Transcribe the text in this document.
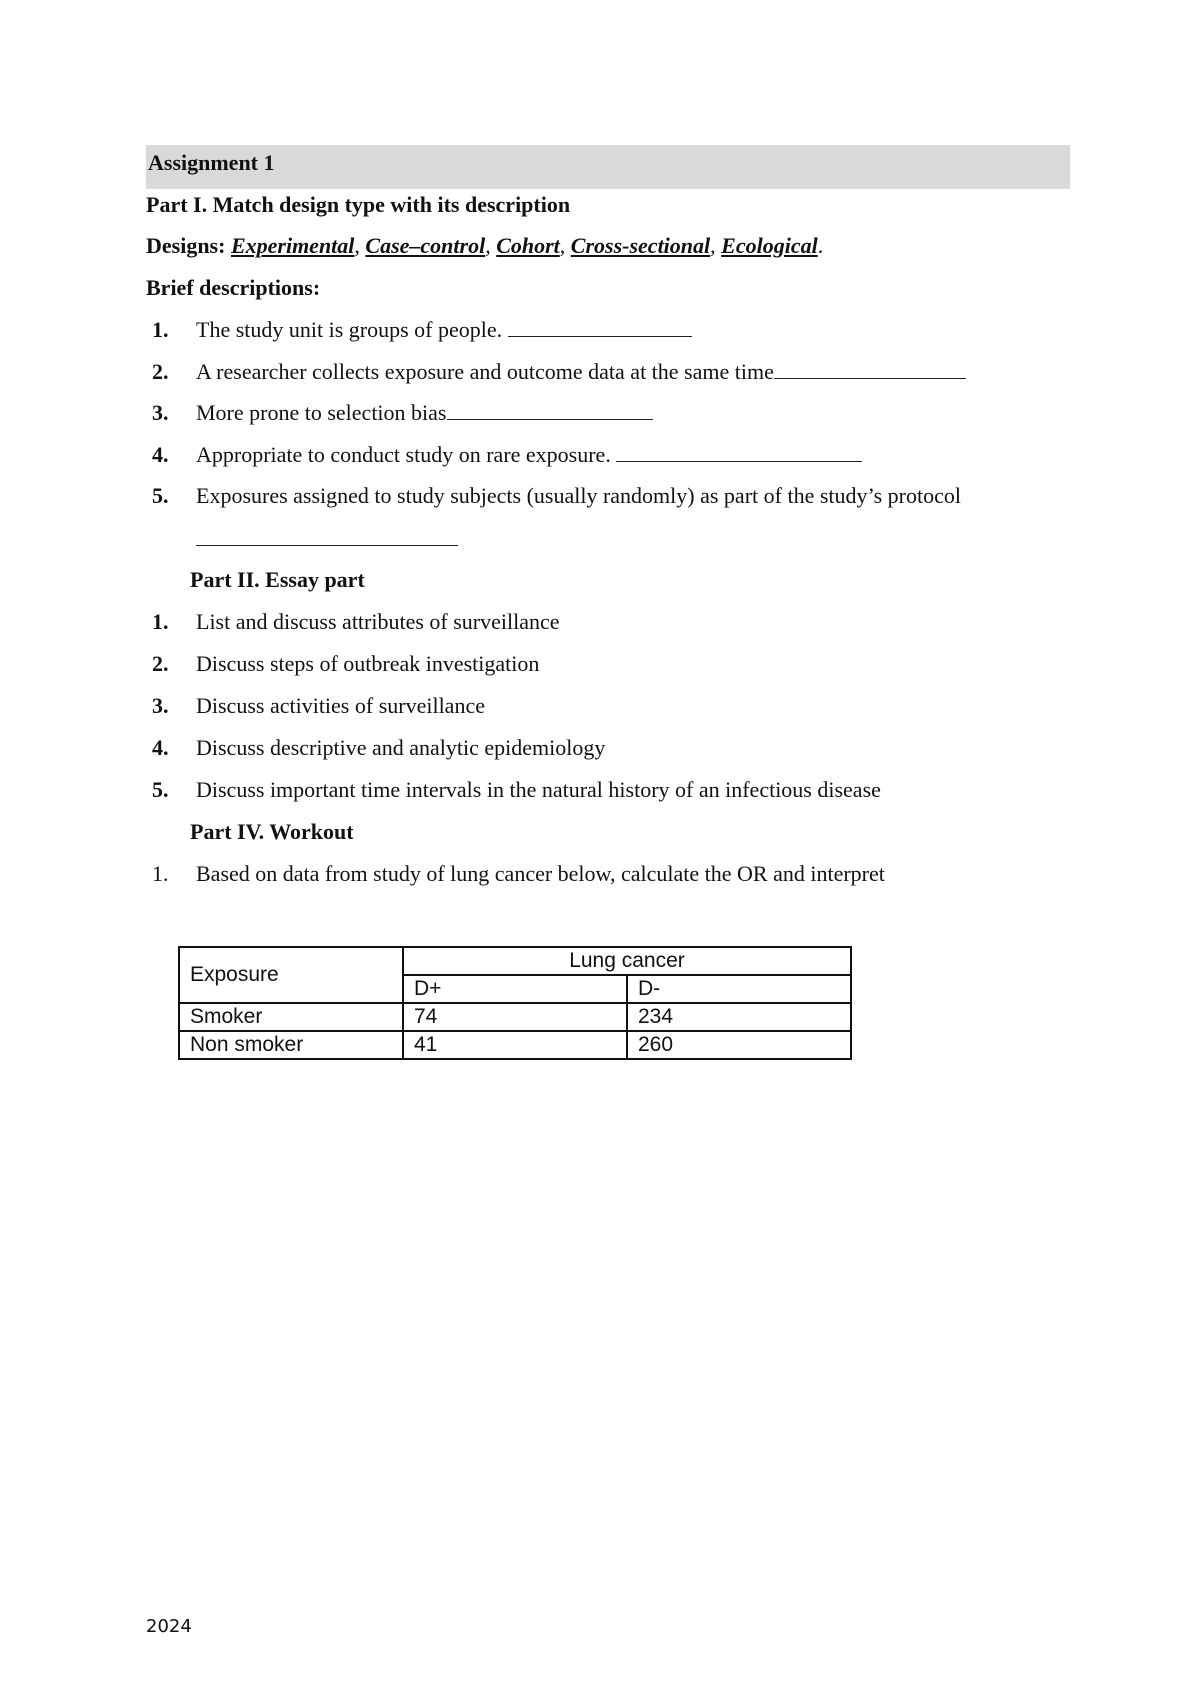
Assignment 1
Part I. Match design type with its description
Designs: Experimental, Case–control, Cohort, Cross-sectional, Ecological.
Brief descriptions:
1. The study unit is groups of people.
2. A researcher collects exposure and outcome data at the same time
3. More prone to selection bias
4. Appropriate to conduct study on rare exposure.
5. Exposures assigned to study subjects (usually randomly) as part of the study’s protocol
Part II. Essay part
1. List and discuss attributes of surveillance
2. Discuss steps of outbreak investigation
3. Discuss activities of surveillance
4. Discuss descriptive and analytic epidemiology
5. Discuss important time intervals in the natural history of an infectious disease
Part IV. Workout
1. Based on data from study of lung cancer below, calculate the OR and interpret
Exposure	Lung cancer	
	D+	D-
Smoker	74	234
Non smoker	41	260
2024
